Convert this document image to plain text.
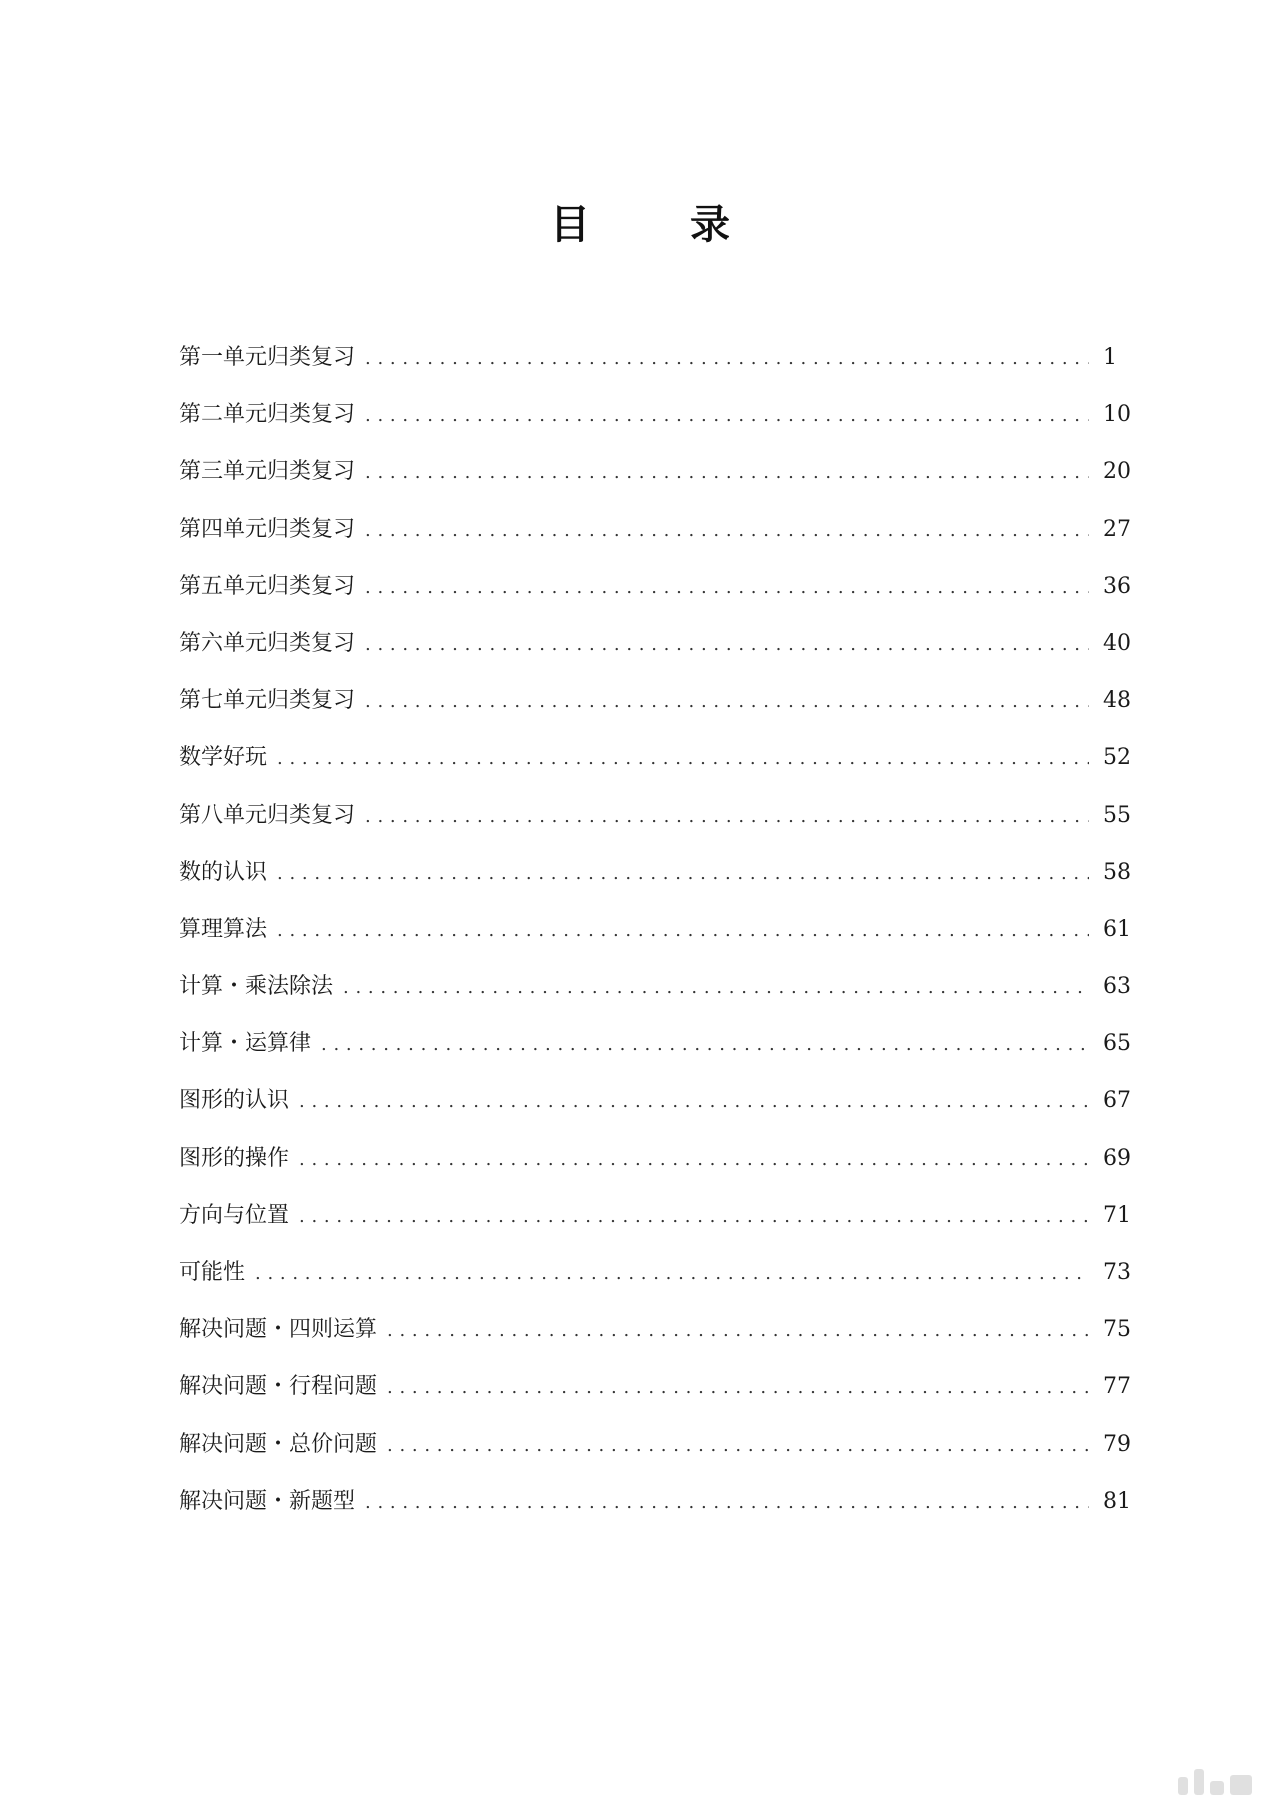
目　录
第一单元归类复习 . . .	1
第二单元归类复习 . . .	10
第三单元归类复习 . . .	20
第四单元归类复习 . . .	27
第五单元归类复习 . . .	36
第六单元归类复习 . . .	40
第七单元归类复习 . . .	48
数学好玩 . . .	52
第八单元归类复习 . . .	55
数的认识 . . .	58
算理算法 . . .	61
计算・乘法除法 . . .	63
计算・运算律 . . .	65
图形的认识 . . .	67
图形的操作 . . .	69
方向与位置 . . .	71
可能性 . . .	73
解决问题・四则运算 . . .	75
解决问题・行程问题 . . .	77
解决问题・总价问题 . . .	79
解决问题・新题型 . . .	81
